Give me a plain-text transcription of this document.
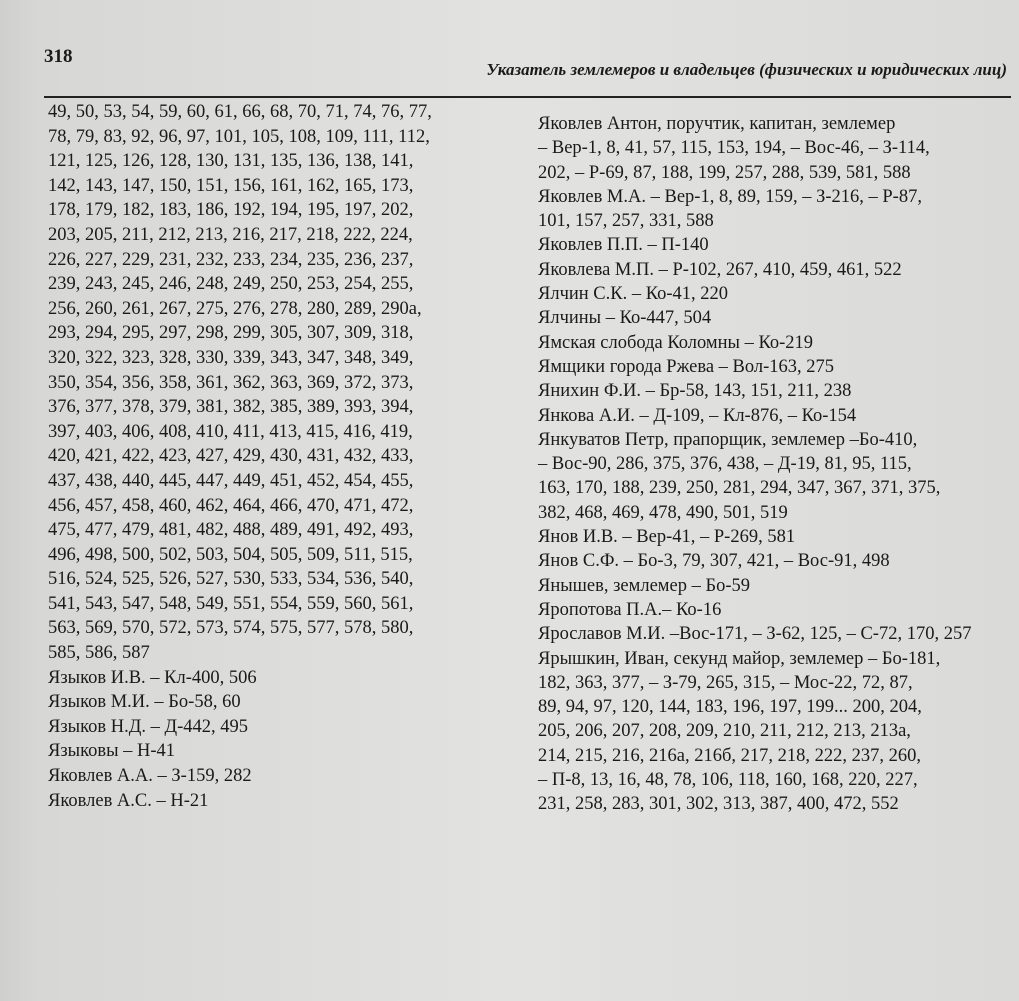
318
Указатель землемеров и владельцев (физических и юридических лиц)
49, 50, 53, 54, 59, 60, 61, 66, 68, 70, 71, 74, 76, 77,
78, 79, 83, 92, 96, 97, 101, 105, 108, 109, 111, 112,
121, 125, 126, 128, 130, 131, 135, 136, 138, 141,
142, 143, 147, 150, 151, 156, 161, 162, 165, 173,
178, 179, 182, 183, 186, 192, 194, 195, 197, 202,
203, 205, 211, 212, 213, 216, 217, 218, 222, 224,
226, 227, 229, 231, 232, 233, 234, 235, 236, 237,
239, 243, 245, 246, 248, 249, 250, 253, 254, 255,
256, 260, 261, 267, 275, 276, 278, 280, 289, 290а,
293, 294, 295, 297, 298, 299, 305, 307, 309, 318,
320, 322, 323, 328, 330, 339, 343, 347, 348, 349,
350, 354, 356, 358, 361, 362, 363, 369, 372, 373,
376, 377, 378, 379, 381, 382, 385, 389, 393, 394,
397, 403, 406, 408, 410, 411, 413, 415, 416, 419,
420, 421, 422, 423, 427, 429, 430, 431, 432, 433,
437, 438, 440, 445, 447, 449, 451, 452, 454, 455,
456, 457, 458, 460, 462, 464, 466, 470, 471, 472,
475, 477, 479, 481, 482, 488, 489, 491, 492, 493,
496, 498, 500, 502, 503, 504, 505, 509, 511, 515,
516, 524, 525, 526, 527, 530, 533, 534, 536, 540,
541, 543, 547, 548, 549, 551, 554, 559, 560, 561,
563, 569, 570, 572, 573, 574, 575, 577, 578, 580,
585, 586, 587
Языков И.В. – Кл-400, 506
Языков М.И. – Бо-58, 60
Языков Н.Д. – Д-442, 495
Языковы – Н-41
Яковлев А.А. – З-159, 282
Яковлев А.С. – Н-21
Яковлев Антон, поручтик, капитан, землемер
– Вер-1, 8, 41, 57, 115, 153, 194, – Вос-46, – З-114,
202, – Р-69, 87, 188, 199, 257, 288, 539, 581, 588
Яковлев М.А. – Вер-1, 8, 89, 159, – З-216, – Р-87,
101, 157, 257, 331, 588
Яковлев П.П. – П-140
Яковлева М.П. – Р-102, 267, 410, 459, 461, 522
Ялчин С.К. – Ко-41, 220
Ялчины – Ко-447, 504
Ямская слобода Коломны – Ко-219
Ямщики города Ржева – Вол-163, 275
Янихин Ф.И. – Бр-58, 143, 151, 211, 238
Янкова А.И. – Д-109, – Кл-876, – Ко-154
Янкуватов Петр, прапорщик, землемер –Бо-410,
– Вос-90, 286, 375, 376, 438, – Д-19, 81, 95, 115,
163, 170, 188, 239, 250, 281, 294, 347, 367, 371, 375,
382, 468, 469, 478, 490, 501, 519
Янов И.В. – Вер-41, – Р-269, 581
Янов С.Ф. – Бо-3, 79, 307, 421, – Вос-91, 498
Янышев, землемер – Бо-59
Яропотова П.А.– Ко-16
Ярославов М.И. –Вос-171, – З-62, 125, – С-72, 170, 257
Ярышкин, Иван, секунд майор, землемер – Бо-181,
182, 363, 377, – З-79, 265, 315, – Мос-22, 72, 87,
89, 94, 97, 120, 144, 183, 196, 197, 199... 200, 204,
205, 206, 207, 208, 209, 210, 211, 212, 213, 213а,
214, 215, 216, 216а, 216б, 217, 218, 222, 237, 260,
– П-8, 13, 16, 48, 78, 106, 118, 160, 168, 220, 227,
231, 258, 283, 301, 302, 313, 387, 400, 472, 552
